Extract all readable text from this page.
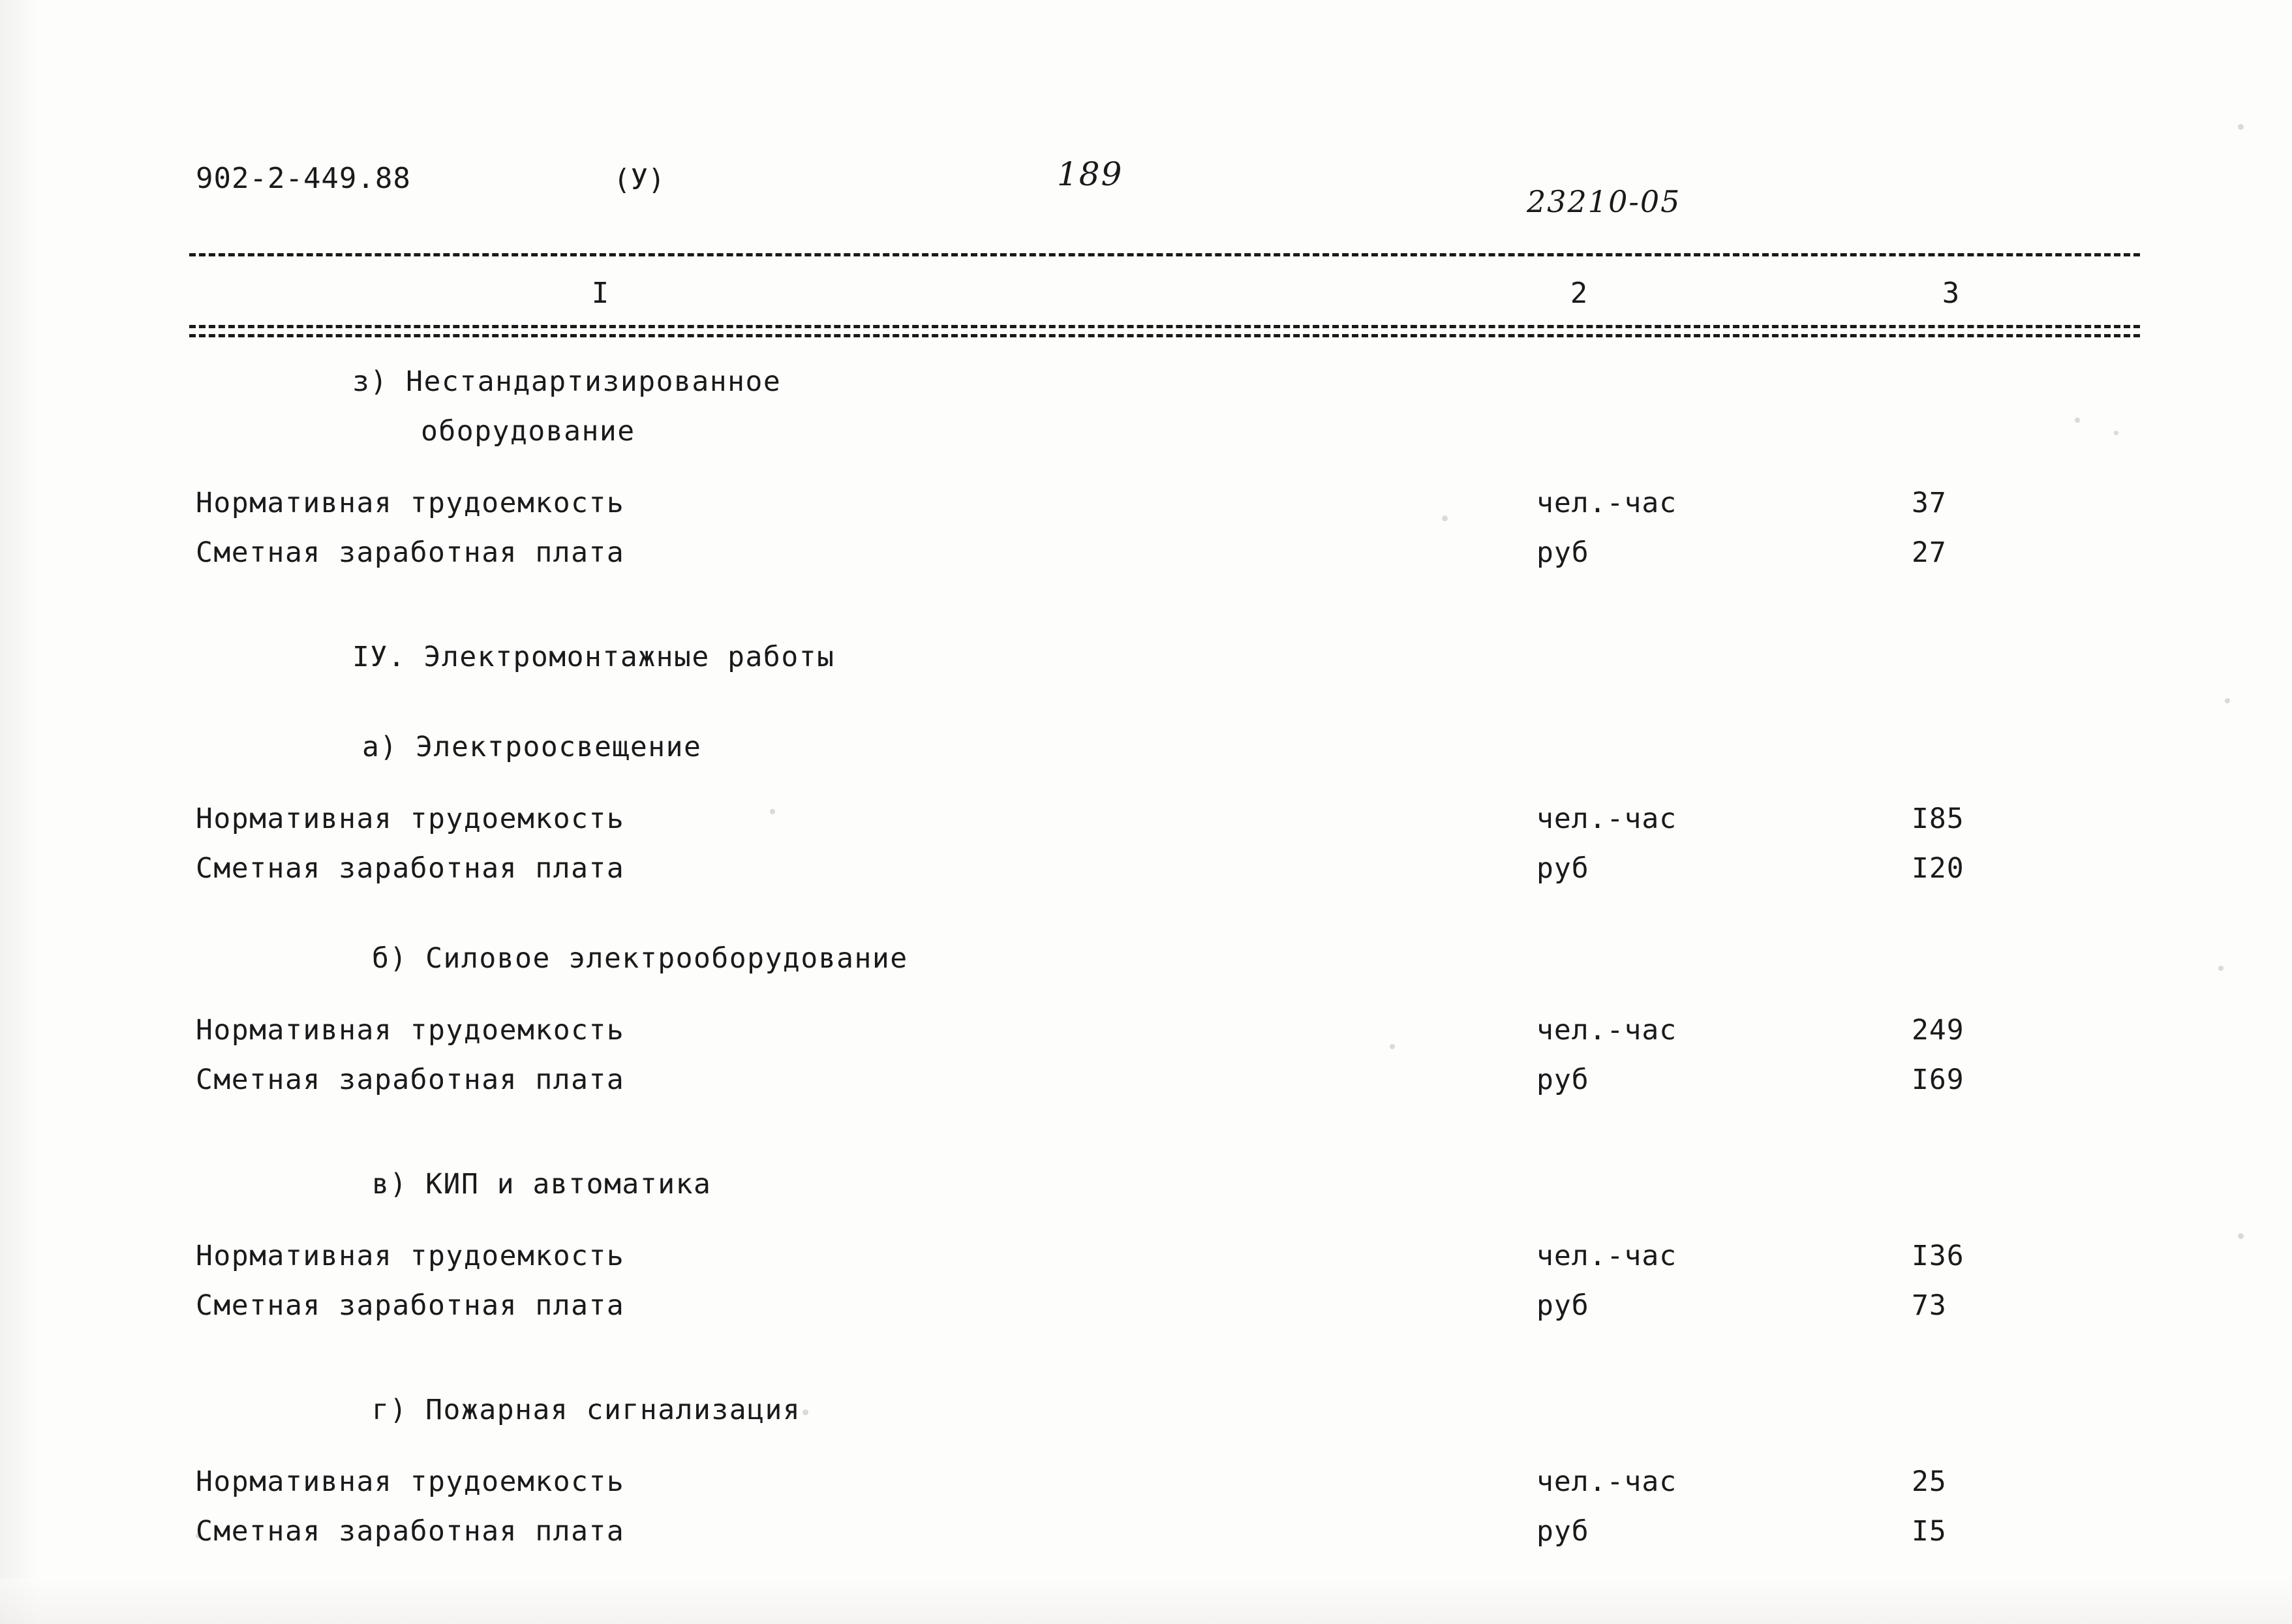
902-2-449.88	(У)	189
23210-05
I	2	3
з) Нестандартизированное
оборудование
Нормативная трудоемкость	чел.-час	37
Сметная заработная плата	руб	27
IУ. Электромонтажные работы
а) Электроосвещение
Нормативная трудоемкость	чел.-час	I85
Сметная заработная плата	руб	I20
б) Силовое электрооборудование
Нормативная трудоемкость	чел.-час	249
Сметная заработная плата	руб	I69
в) КИП и автоматика
Нормативная трудоемкость	чел.-час	I36
Сметная заработная плата	руб	73
г) Пожарная сигнализация
Нормативная трудоемкость	чел.-час	25
Сметная заработная плата	руб	I5
